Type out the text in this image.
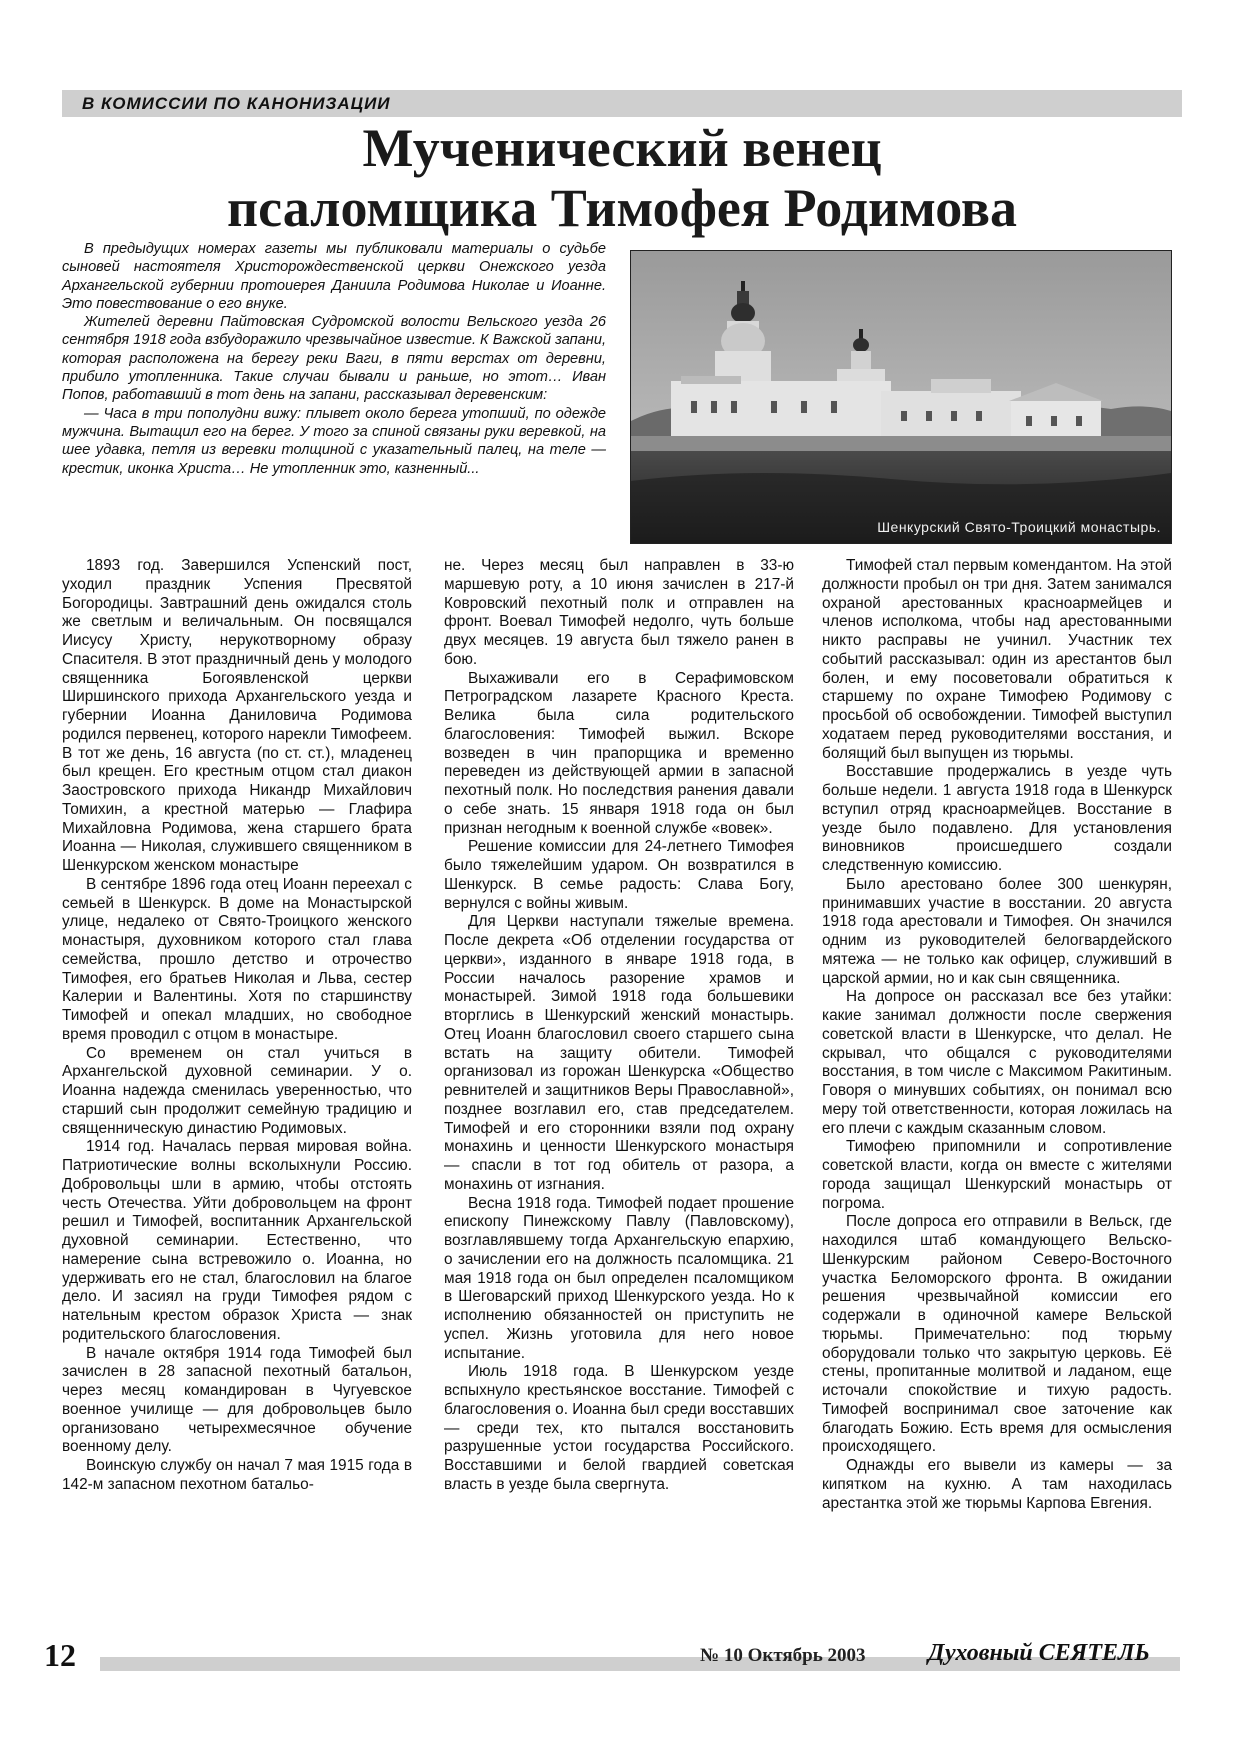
В КОМИССИИ ПО КАНОНИЗАЦИИ
Мученический венец
псаломщика Тимофея Родимова

В предыдущих номерах газеты мы публиковали материалы о судьбе сыновей настоятеля Христорождественской церкви Онежского уезда Архангельской губернии протоиерея Даниила Родимова Николае и Иоанне. Это повествование о его внуке.

Жителей деревни Пайтовская Судромской волости Вельского уезда 26 сентября 1918 года взбудоражило чрезвычайное известие. К Важской запани, которая расположена на берегу реки Ваги, в пяти верстах от деревни, прибило утопленника. Такие случаи бывали и раньше, но этот… Иван Попов, работавший в тот день на запани, рассказывал деревенским:

— Часа в три пополудни вижу: плывет около берега утопший, по одежде мужчина. Вытащил его на берег. У того за спиной связаны руки веревкой, на шее удавка, петля из веревки толщиной с указательный палец, на теле — крестик, иконка Христа… Не утопленник это, казненный...

Шенкурский Свято-Троицкий монастырь.

1893 год. Завершился Успенский пост, уходил праздник Успения Пресвятой Богородицы. Завтрашний день ожидался столь же светлым и величальным. Он посвящался Иисусу Христу, нерукотворному образу Спасителя. В этот праздничный день у молодого священника Богоявленской церкви Ширшинского прихода Архангельского уезда и губернии Иоанна Даниловича Родимова родился первенец, которого нарекли Тимофеем. В тот же день, 16 августа (по ст. ст.), младенец был крещен. Его крестным отцом стал диакон Заостровского прихода Никандр Михайлович Томихин, а крестной матерью — Глафира Михайловна Родимова, жена старшего брата Иоанна — Николая, служившего священником в Шенкурском женском монастыре

В сентябре 1896 года отец Иоанн переехал с семьей в Шенкурск. В доме на Монастырской улице, недалеко от Свято-Троицкого женского монастыря, духовником которого стал глава семейства, прошло детство и отрочество Тимофея, его братьев Николая и Льва, сестер Калерии и Валентины. Хотя по старшинству Тимофей и опекал младших, но свободное время проводил с отцом в монастыре.

Со временем он стал учиться в Архангельской духовной семинарии. У о. Иоанна надежда сменилась уверенностью, что старший сын продолжит семейную традицию и священническую династию Родимовых.

1914 год. Началась первая мировая война. Патриотические волны всколыхнули Россию. Добровольцы шли в армию, чтобы отстоять честь Отечества. Уйти добровольцем на фронт решил и Тимофей, воспитанник Архангельской духовной семинарии. Естественно, что намерение сына встревожило о. Иоанна, но удерживать его не стал, благословил на благое дело. И засиял на груди Тимофея рядом с нательным крестом образок Христа — знак родительского благословения.

В начале октября 1914 года Тимофей был зачислен в 28 запасной пехотный батальон, через месяц командирован в Чугуевское военное училище — для добровольцев было организовано четырехмесячное обучение военному делу.

Воинскую службу он начал 7 мая 1915 года в 142-м запасном пехотном батальо-

не. Через месяц был направлен в 33-ю маршевую роту, а 10 июня зачислен в 217-й Ковровский пехотный полк и отправлен на фронт. Воевал Тимофей недолго, чуть больше двух месяцев. 19 августа был тяжело ранен в бою.

Выхаживали его в Серафимовском Петроградском лазарете Красного Креста. Велика была сила родительского благословения: Тимофей выжил. Вскоре возведен в чин прапорщика и временно переведен из действующей армии в запасной пехотный полк. Но последствия ранения давали о себе знать. 15 января 1918 года он был признан негодным к военной службе «вовек».

Решение комиссии для 24-летнего Тимофея было тяжелейшим ударом. Он возвратился в Шенкурск. В семье радость: Слава Богу, вернулся с войны живым.

Для Церкви наступали тяжелые времена. После декрета «Об отделении государства от церкви», изданного в январе 1918 года, в России началось разорение храмов и монастырей. Зимой 1918 года большевики вторглись в Шенкурский женский монастырь. Отец Иоанн благословил своего старшего сына встать на защиту обители. Тимофей организовал из горожан Шенкурска «Общество ревнителей и защитников Веры Православной», позднее возглавил его, став председателем. Тимофей и его сторонники взяли под охрану монахинь и ценности Шенкурского монастыря — спасли в тот год обитель от разора, а монахинь от изгнания.

Весна 1918 года. Тимофей подает прошение епископу Пинежскому Павлу (Павловскому), возглавлявшему тогда Архангельскую епархию, о зачислении его на должность псаломщика. 21 мая 1918 года он был определен псаломщиком в Шеговарский приход Шенкурского уезда. Но к исполнению обязанностей он приступить не успел. Жизнь уготовила для него новое испытание.

Июль 1918 года. В Шенкурском уезде вспыхнуло крестьянское восстание. Тимофей с благословения о. Иоанна был среди восставших — среди тех, кто пытался восстановить разрушенные устои государства Российского. Восставшими и белой гвардией советская власть в уезде была свергнута.

Тимофей стал первым комендантом. На этой должности пробыл он три дня. Затем занимался охраной арестованных красноармейцев и членов исполкома, чтобы над арестованными никто расправы не учинил. Участник тех событий рассказывал: один из арестантов был болен, и ему посоветовали обратиться к старшему по охране Тимофею Родимову с просьбой об освобождении. Тимофей выступил ходатаем перед руководителями восстания, и болящий был выпущен из тюрьмы.

Восставшие продержались в уезде чуть больше недели. 1 августа 1918 года в Шенкурск вступил отряд красноармейцев. Восстание в уезде было подавлено. Для установления виновников происшедшего создали следственную комиссию.

Было арестовано более 300 шенкурян, принимавших участие в восстании. 20 августа 1918 года арестовали и Тимофея. Он значился одним из руководителей белогвардейского мятежа — не только как офицер, служивший в царской армии, но и как сын священника.

На допросе он рассказал все без утайки: какие занимал должности после свержения советской власти в Шенкурске, что делал. Не скрывал, что общался с руководителями восстания, в том числе с Максимом Ракитиным. Говоря о минувших событиях, он понимал всю меру той ответственности, которая ложилась на его плечи с каждым сказанным словом.

Тимофею припомнили и сопротивление советской власти, когда он вместе с жителями города защищал Шенкурский монастырь от погрома.

После допроса его отправили в Вельск, где находился штаб командующего Вельско-Шенкурским районом Северо-Восточного участка Беломорского фронта. В ожидании решения чрезвычайной комиссии его содержали в одиночной камере Вельской тюрьмы. Примечательно: под тюрьму оборудовали только что закрытую церковь. Её стены, пропитанные молитвой и ладаном, еще источали спокойствие и тихую радость. Тимофей воспринимал свое заточение как благодать Божию. Есть время для осмысления происходящего.

Однажды его вывели из камеры — за кипятком на кухню. А там находилась арестантка этой же тюрьмы Карпова Евгения.

12	№ 10 Октябрь 2003	Духовный СЕЯТЕЛЬ
